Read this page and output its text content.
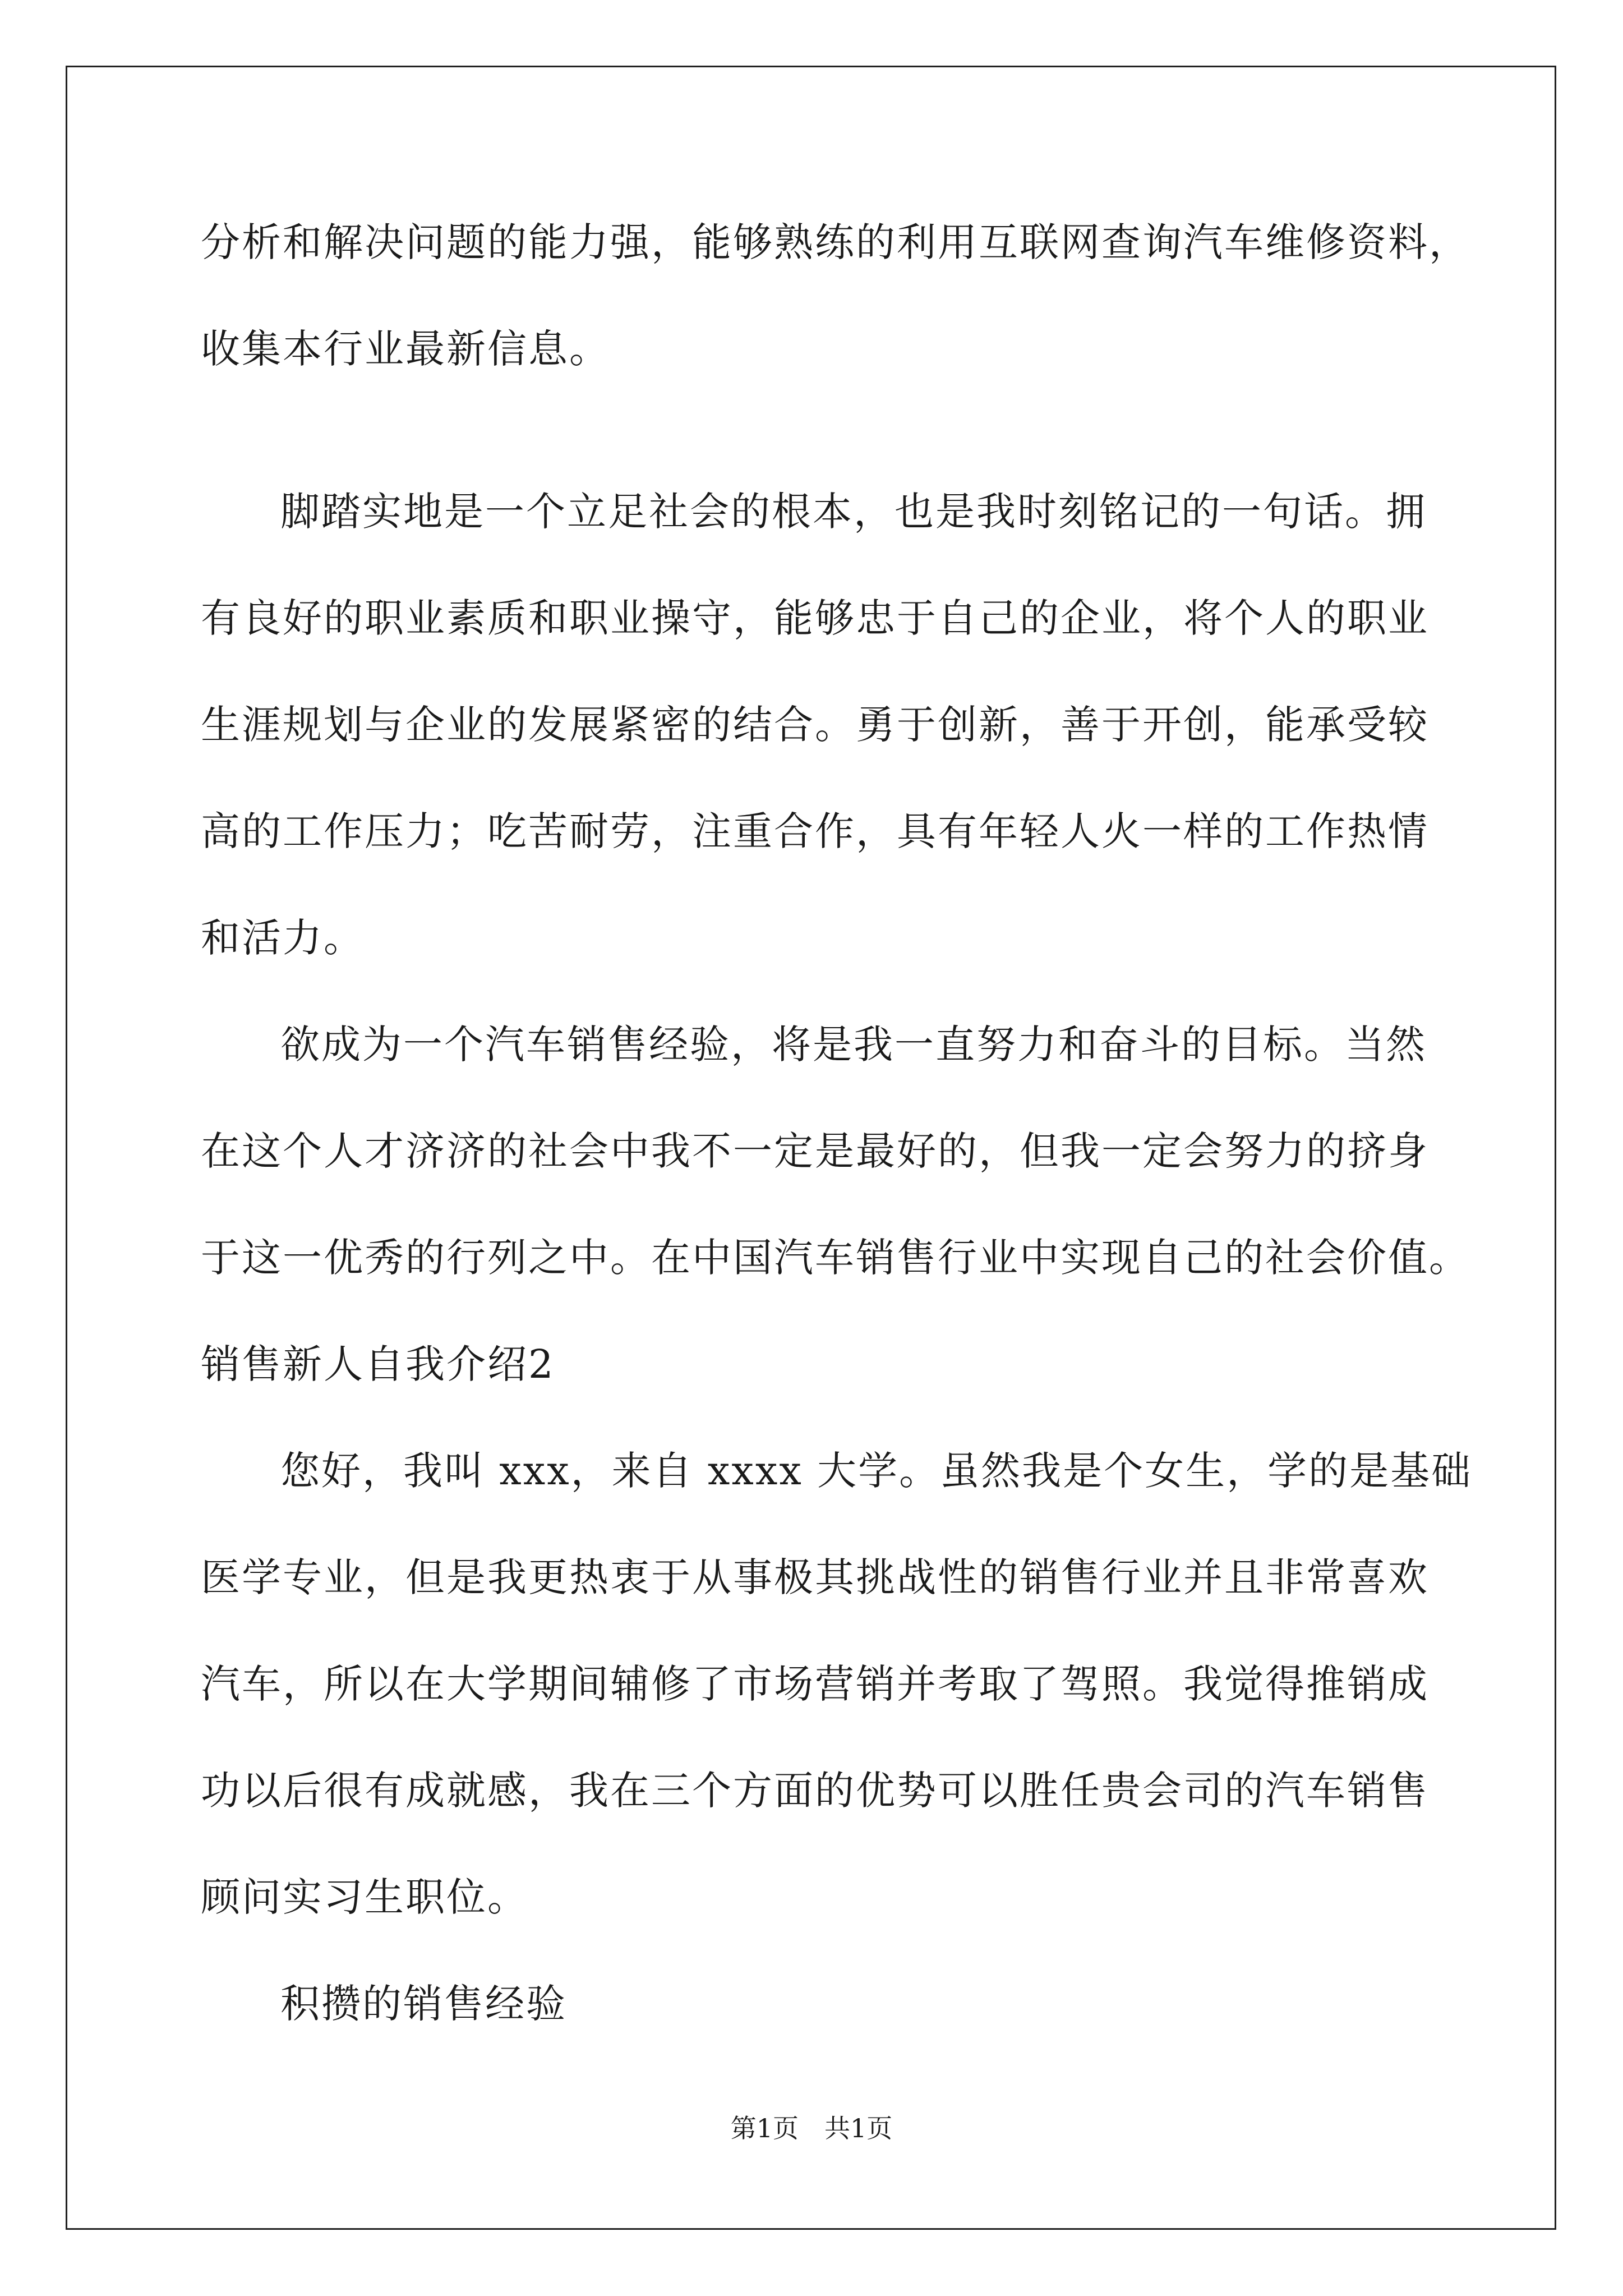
分析和解决问题的能力强，能够熟练的利用互联网查询汽车维修资料，
收集本行业最新信息。
脚踏实地是一个立足社会的根本，也是我时刻铭记的一句话。拥
有良好的职业素质和职业操守，能够忠于自己的企业，将个人的职业
生涯规划与企业的发展紧密的结合。勇于创新，善于开创，能承受较
高的工作压力；吃苦耐劳，注重合作，具有年轻人火一样的工作热情
和活力。
欲成为一个汽车销售经验，将是我一直努力和奋斗的目标。当然
在这个人才济济的社会中我不一定是最好的，但我一定会努力的挤身
于这一优秀的行列之中。在中国汽车销售行业中实现自己的社会价值。
销售新人自我介绍2
您好，我叫 xxx，来自 xxxx 大学。虽然我是个女生，学的是基础
医学专业，但是我更热衷于从事极其挑战性的销售行业并且非常喜欢
汽车，所以在大学期间辅修了市场营销并考取了驾照。我觉得推销成
功以后很有成就感，我在三个方面的优势可以胜任贵会司的汽车销售
顾问实习生职位。
积攒的销售经验
第1页　共1页
